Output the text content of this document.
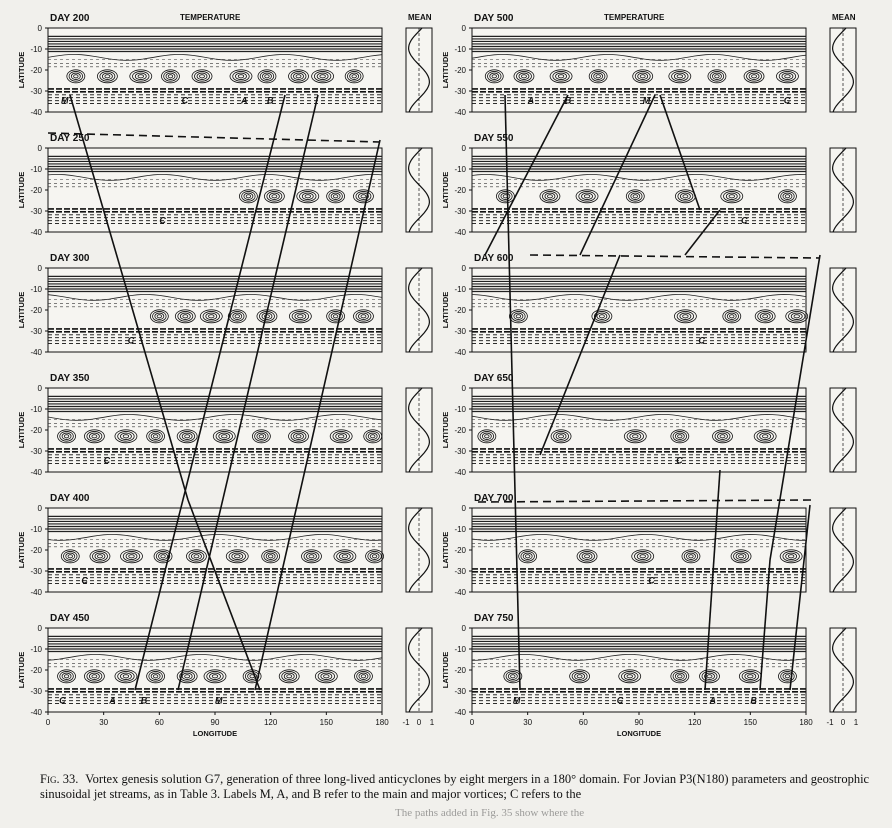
DAY 200	TEMPERATURE	MEAN
0
-10
-20
-30
-40
LATITUDE
M	C	A B
DAY 250
0
-10
-20
-30
-40
LATITUDE
C
DAY 300
0
-10
-20
-30
-40
LATITUDE
C
DAY 350
0
-10
-20
-30
-40
LATITUDE
C
DAY 400
0
-10
-20
-30
-40
LATITUDE
C
DAY 450
0
-10
-20
-30
-40
LATITUDE
C	A	B	M
0	30	60	90	120	150	180
LONGITUDE
-1 0 1
DAY 500	TEMPERATURE	MEAN
0
-10
-20
-30
-40
LATITUDE
A	B	M	C
DAY 550
0
-10
-20
-30
-40
LATITUDE
C
DAY 600
0
-10
-20
-30
-40
LATITUDE
C
DAY 650
0
-10
-20
-30
-40
LATITUDE
C
DAY 700
0
-10
-20
-30
-40
LATITUDE
C
DAY 750
0
-10
-20
-30
-40
LATITUDE
M	C	A	B
0	30	60	90	120	150	180
LONGITUDE
-1 0 1
Fig. 33. Vortex genesis solution G7, generation of three long-lived anticyclones by eight mergers in a 180° domain. For Jovian P3(N180) parameters and geostrophic sinusoidal jet streams, as in Table 3. Labels M, A, and B refer to the main and major vortices; C refers to the
The paths added in Fig. 35 show where the
